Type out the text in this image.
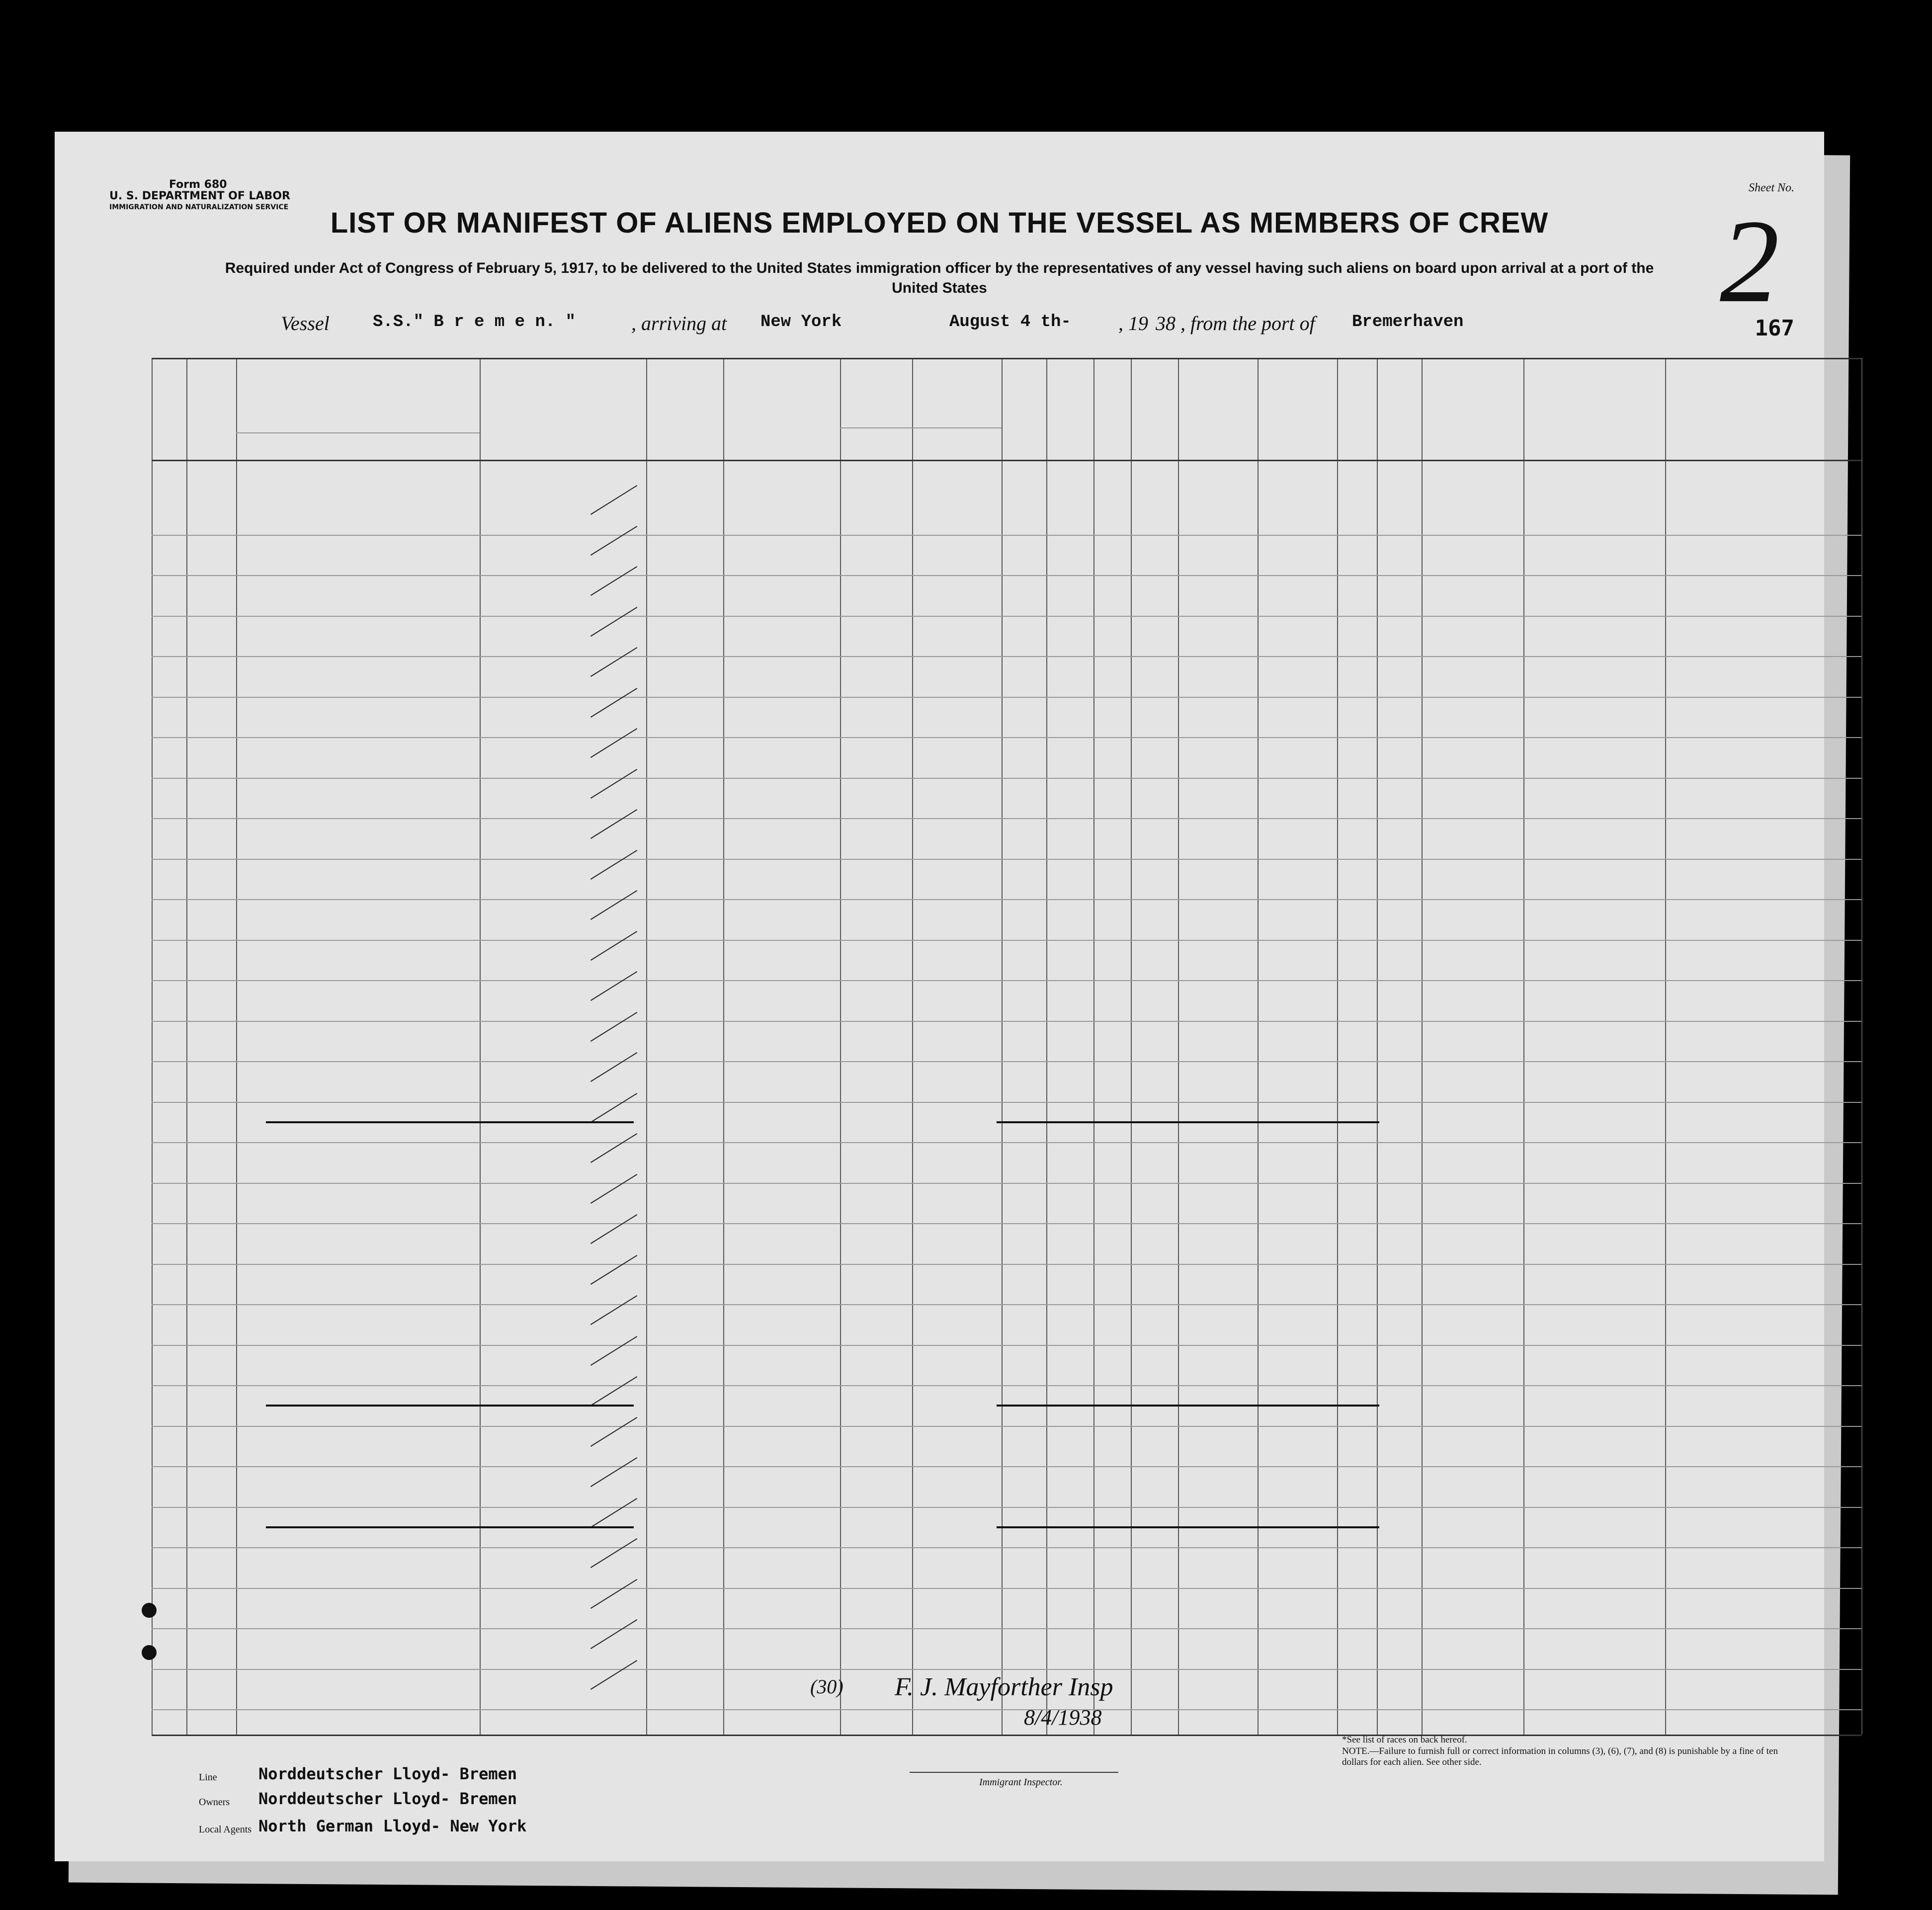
Form 680
U. S. DEPARTMENT OF LABOR
IMMIGRATION AND NATURALIZATION SERVICE	LIST OR MANIFEST OF ALIENS EMPLOYED ON THE VESSEL AS MEMBERS OF CREW
Required under Act of Congress of February 5, 1917, to be delivered to the United States immigration officer by the representatives of any vessel having such aliens on board upon arrival at a port of the United States
Sheet No.
2
Vessel	S.S." B r e m e n. "	, arriving at New York	August 4 th- , 19 38 , from the port of Bremerhaven	167
Line	Norddeutscher Lloyd- Bremen
Owners Norddeutscher Lloyd- Bremen
Local Agents North German Lloyd- New York
(30) F. J. Mayforther Insp
8/4/1938
Immigrant Inspector.
*See list of races on back hereof.
NOTE.—Failure to furnish full or correct information in columns (3), (6), (7), and (8) is punishable by a fine of ten dollars for each alien. See other side.
